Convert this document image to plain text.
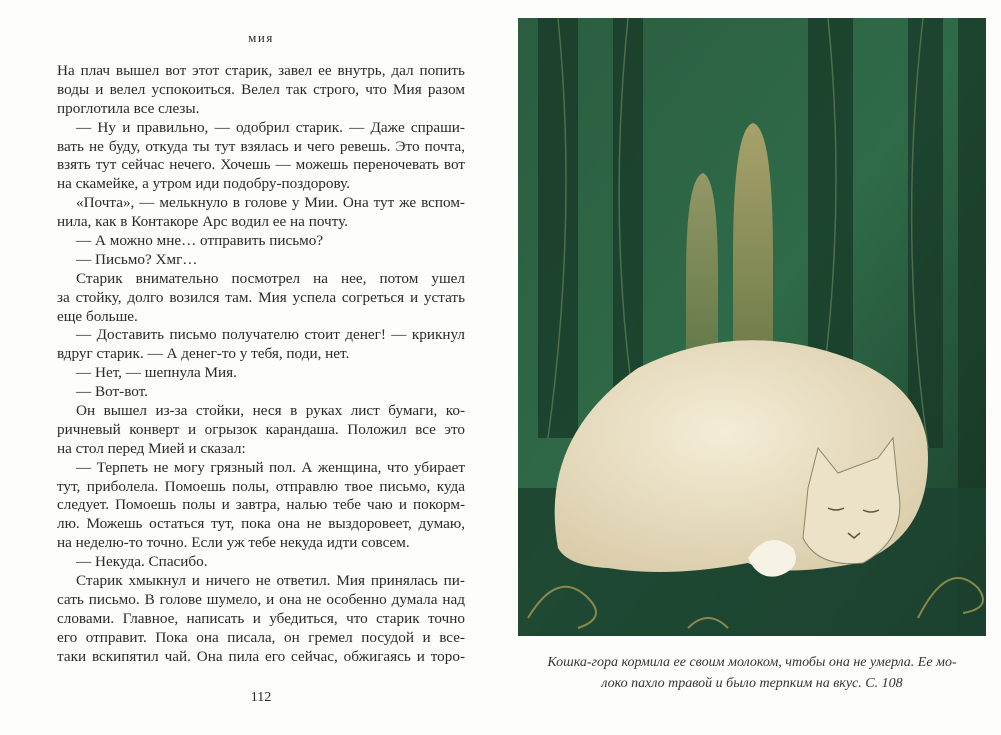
мия
На плач вышел вот этот старик, завел ее внутрь, дал попить
воды и велел успокоиться. Велел так строго, что Мия разом
проглотила все слезы.
— Ну и правильно, — одобрил старик. — Даже спраши-
вать не буду, откуда ты тут взялась и чего ревешь. Это почта,
взять тут сейчас нечего. Хочешь — можешь переночевать вот
на скамейке, а утром иди подобру-поздорову.
«Почта», — мелькнуло в голове у Мии. Она тут же вспом-
нила, как в Контакоре Арс водил ее на почту.
— А можно мне… отправить письмо?
— Письмо? Хмг…
Старик внимательно посмотрел на нее, потом ушел
за стойку, долго возился там. Мия успела согреться и устать
еще больше.
— Доставить письмо получателю стоит денег! — крикнул
вдруг старик. — А денег-то у тебя, поди, нет.
— Нет, — шепнула Мия.
— Вот-вот.
Он вышел из-за стойки, неся в руках лист бумаги, ко-
ричневый конверт и огрызок карандаша. Положил все это
на стол перед Мией и сказал:
— Терпеть не могу грязный пол. А женщина, что убирает
тут, приболела. Помоешь полы, отправлю твое письмо, куда
следует. Помоешь полы и завтра, налью тебе чаю и покорм-
лю. Можешь остаться тут, пока она не выздоровеет, думаю,
на неделю-то точно. Если уж тебе некуда идти совсем.
— Некуда. Спасибо.
Старик хмыкнул и ничего не ответил. Мия принялась пи-
сать письмо. В голове шумело, и она не особенно думала над
словами. Главное, написать и убедиться, что старик точно
его отправит. Пока она писала, он гремел посудой и все-
таки вскипятил чай. Она пила его сейчас, обжигаясь и торо-
112
Кошка-гора кормила ее своим молоком, чтобы она не умерла. Ее мо-
локо пахло травой и было терпким на вкус. С. 108
